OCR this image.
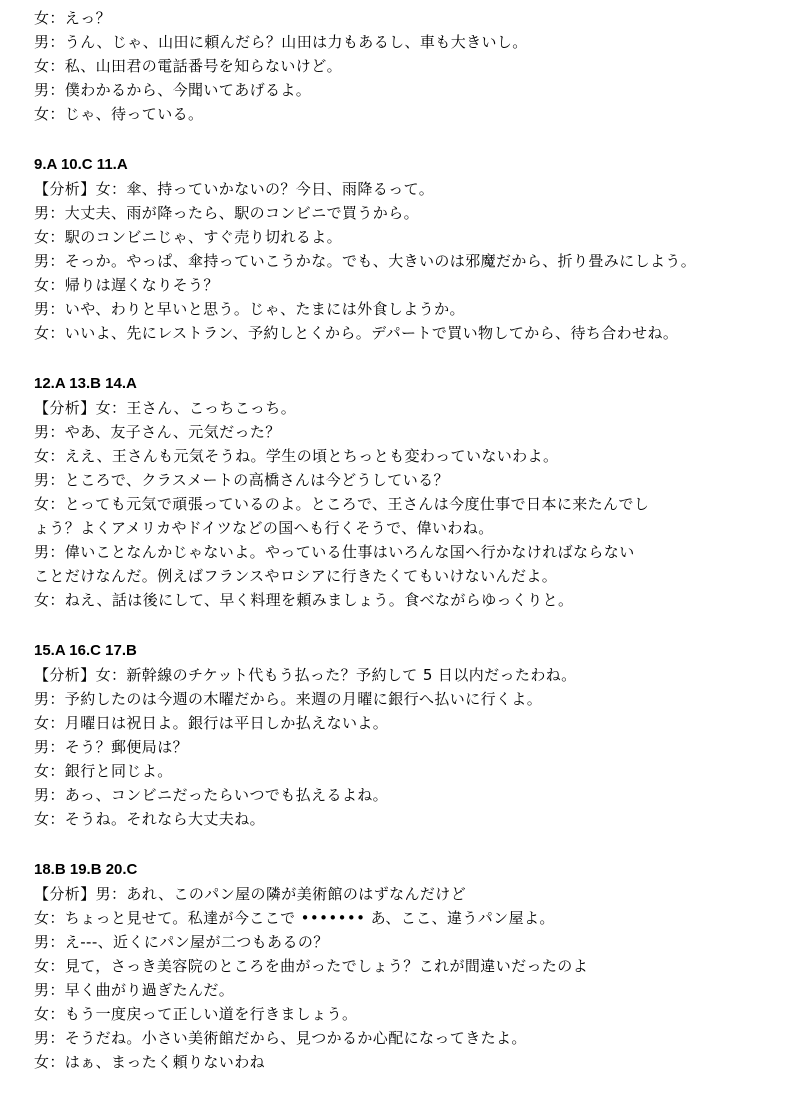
女：えっ？
男：うん、じゃ、山田に頼んだら？山田は力もあるし、車も大きいし。
女：私、山田君の電話番号を知らないけど。
男：僕わかるから、今聞いてあげるよ。
女：じゃ、待っている。
9.A 10.C 11.A
【分析】女：傘、持っていかないの？今日、雨降るって。
男：大丈夫、雨が降ったら、駅のコンビニで買うから。
女：駅のコンビニじゃ、すぐ売り切れるよ。
男：そっか。やっぱ、傘持っていこうかな。でも、大きいのは邪魔だから、折り畳みにしよう。
女：帰りは遅くなりそう？
男：いや、わりと早いと思う。じゃ、たまには外食しようか。
女：いいよ、先にレストラン、予約しとくから。デパートで買い物してから、待ち合わせね。
12.A 13.B 14.A
【分析】女：王さん、こっちこっち。
男：やあ、友子さん、元気だった？
女：ええ、王さんも元気そうね。学生の頃とちっとも変わっていないわよ。
男：ところで、クラスメートの高橋さんは今どうしている？
女：とっても元気で頑張っているのよ。ところで、王さんは今度仕事で日本に来たんでし
ょう？よくアメリカやドイツなどの国へも行くそうで、偉いわね。
男：偉いことなんかじゃないよ。やっている仕事はいろんな国へ行かなければならない
ことだけなんだ。例えばフランスやロシアに行きたくてもいけないんだよ。
女：ねえ、話は後にして、早く料理を頼みましょう。食べながらゆっくりと。
15.A 16.C 17.B
【分析】女：新幹線のチケット代もう払った？予約して 5 日以内だったわね。
男：予約したのは今週の木曜だから。来週の月曜に銀行へ払いに行くよ。
女：月曜日は祝日よ。銀行は平日しか払えないよ。
男：そう？郵便局は？
女：銀行と同じよ。
男：あっ、コンビニだったらいつでも払えるよね。
女：そうね。それなら大丈夫ね。
18.B 19.B 20.C
【分析】男：あれ、このパン屋の隣が美術館のはずなんだけど
女：ちょっと見せて。私達が今ここで ••••••• あ、ここ、違うパン屋よ。
男：え---、近くにパン屋が二つもあるの？
女：見て，さっき美容院のところを曲がったでしょう？これが間違いだったのよ
男：早く曲がり過ぎたんだ。
女：もう一度戻って正しい道を行きましょう。
男：そうだね。小さい美術館だから、見つかるか心配になってきたよ。
女：はぁ、まったく頼りないわね
